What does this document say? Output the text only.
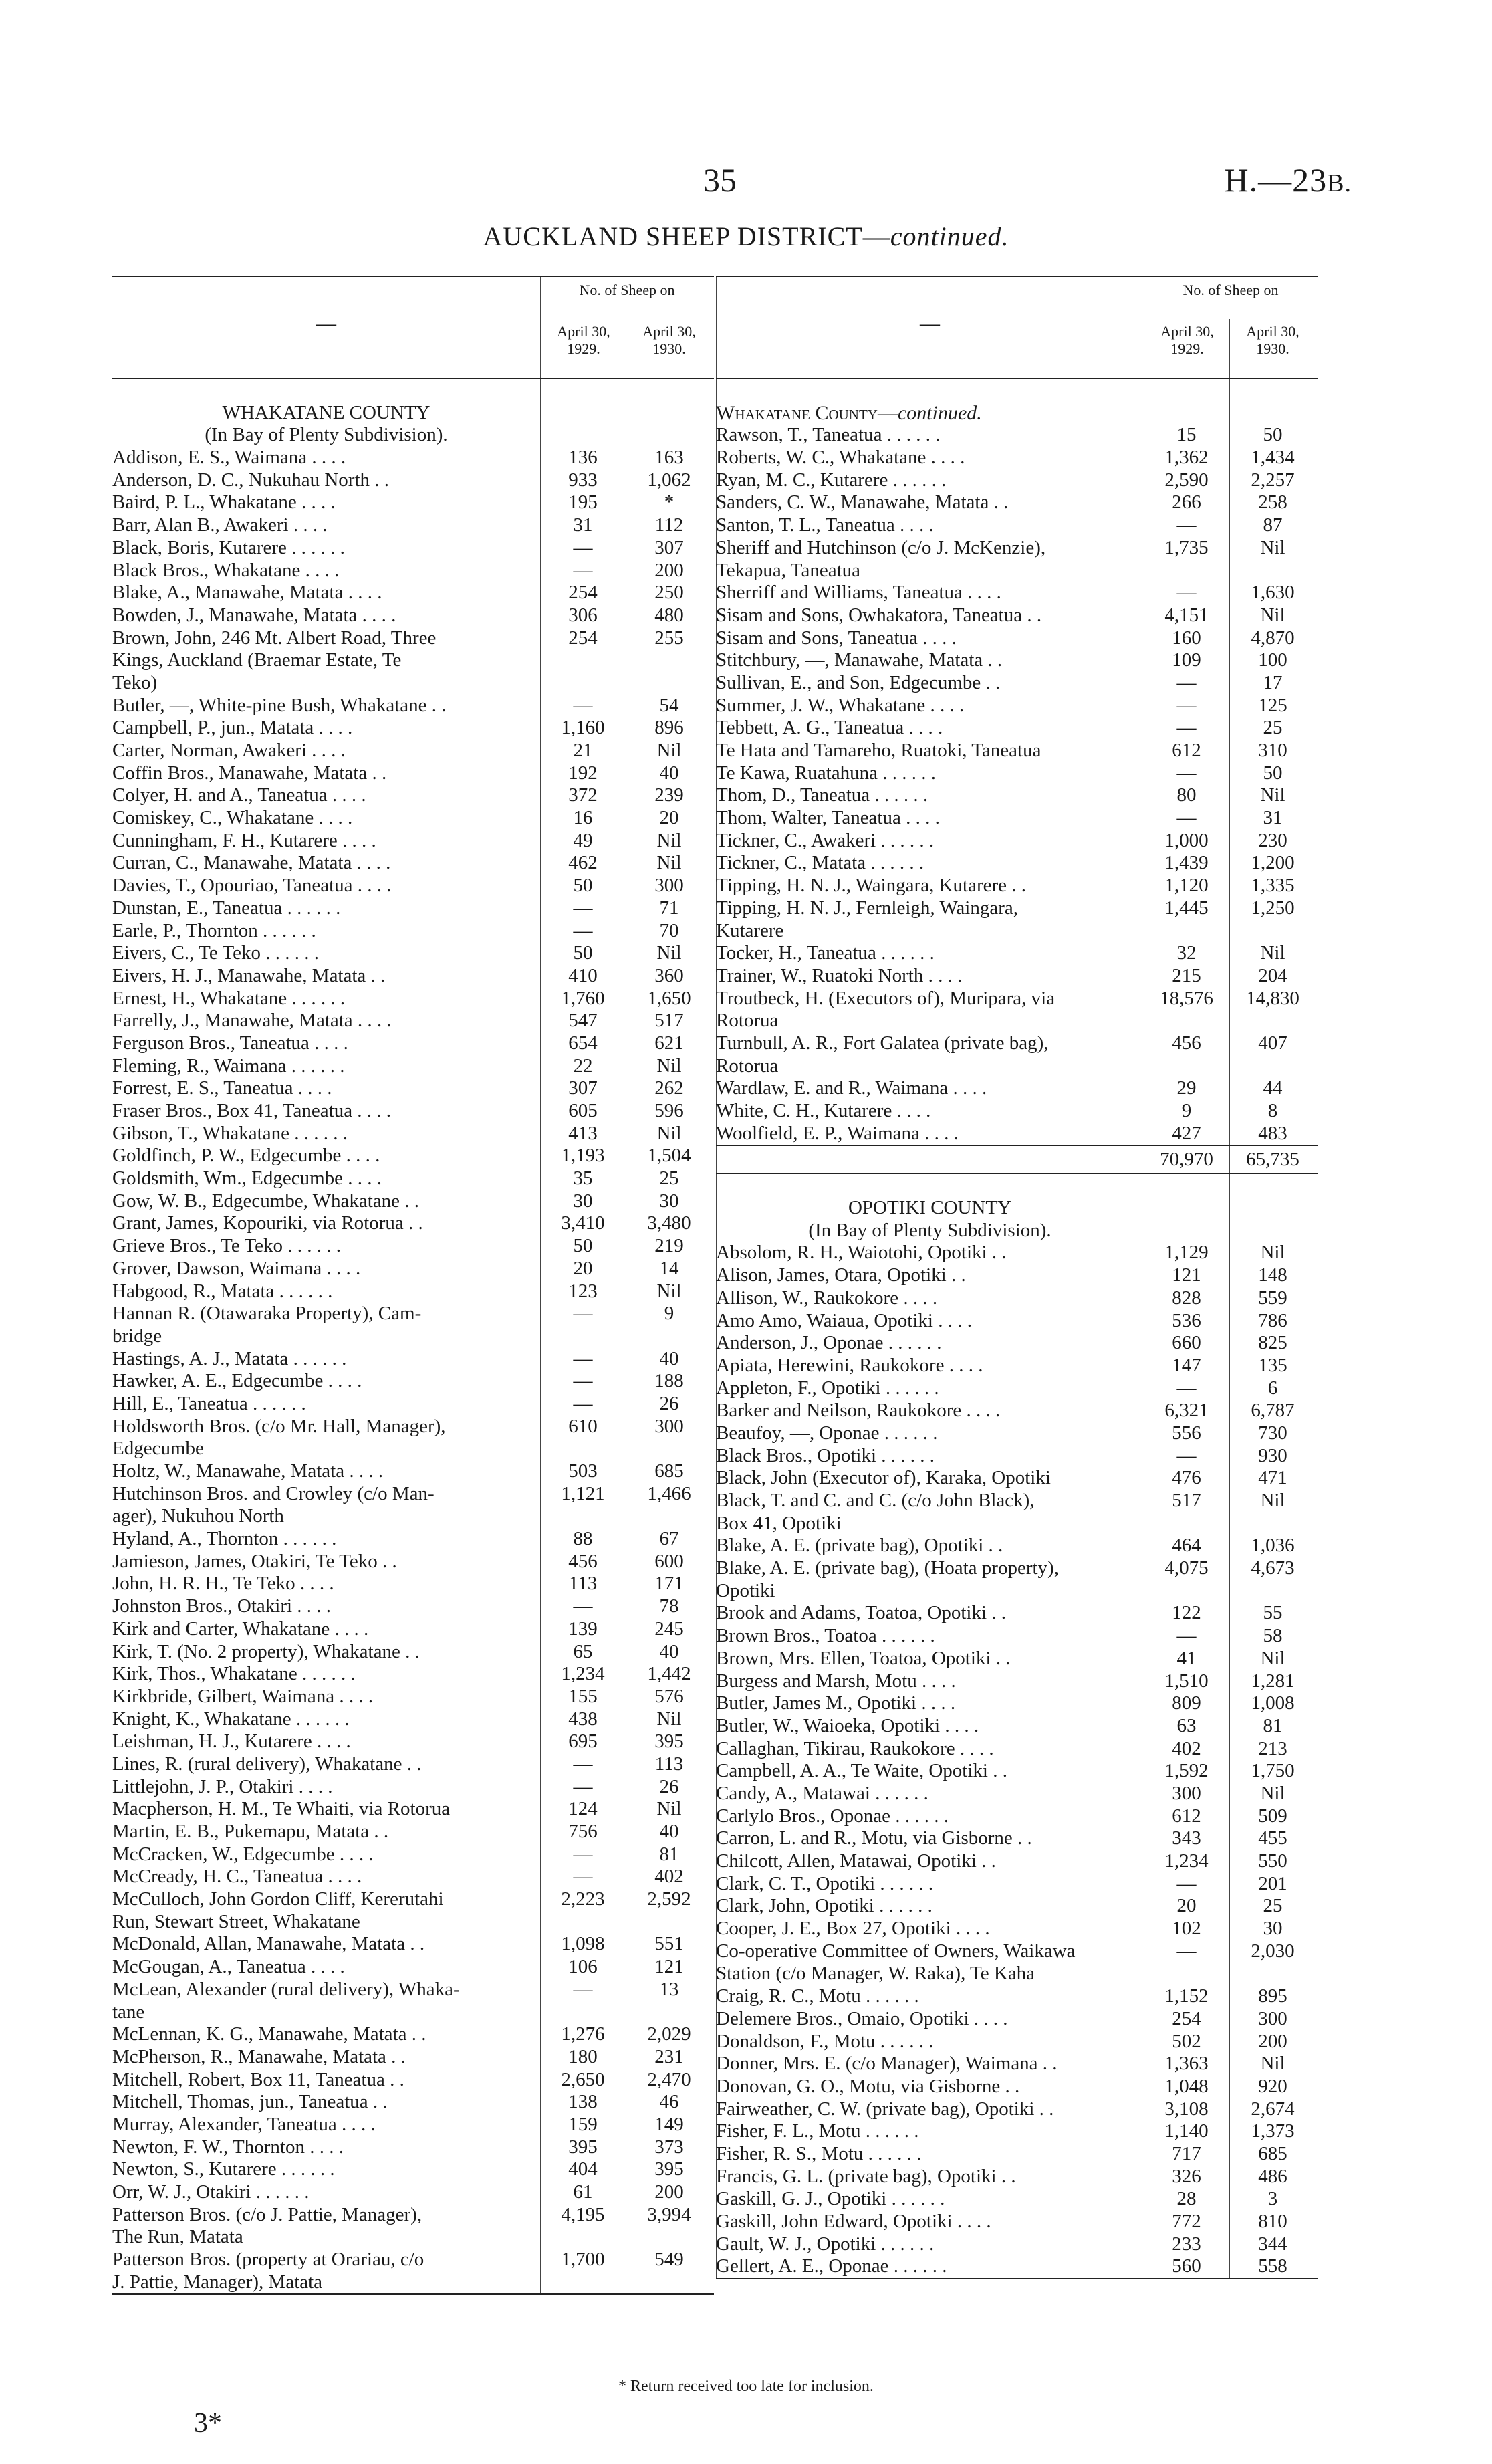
35	H.—23B.
AUCKLAND SHEEP DISTRICT—continued.
—
No. of Sheep on
April 30,
1929.
April 30,
1930.
WHAKATANE COUNTY
(In Bay of Plenty Subdivision).
Addison, E. S., Waimana . . . .	136	163
Anderson, D. C., Nukuhau North . .	933	1,062
Baird, P. L., Whakatane . . . .	195	*
Barr, Alan B., Awakeri . . . .	31	112
Black, Boris, Kutarere . . . . . .	—	307
Black Bros., Whakatane . . . .	—	200
Blake, A., Manawahe, Matata . . . .	254	250
Bowden, J., Manawahe, Matata . . . .	306	480
Brown, John, 246 Mt. Albert Road, Three	254	255
Kings, Auckland (Braemar Estate, Te
Teko)
Butler, —, White-pine Bush, Whakatane . .	—	54
Campbell, P., jun., Matata . . . .	1,160	896
Carter, Norman, Awakeri . . . .	21	Nil
Coffin Bros., Manawahe, Matata . .	192	40
Colyer, H. and A., Taneatua . . . .	372	239
Comiskey, C., Whakatane . . . .	16	20
Cunningham, F. H., Kutarere . . . .	49	Nil
Curran, C., Manawahe, Matata . . . .	462	Nil
Davies, T., Opouriao, Taneatua . . . .	50	300
Dunstan, E., Taneatua . . . . . .	—	71
Earle, P., Thornton . . . . . .	—	70
Eivers, C., Te Teko . . . . . .	50	Nil
Eivers, H. J., Manawahe, Matata . .	410	360
Ernest, H., Whakatane . . . . . .	1,760	1,650
Farrelly, J., Manawahe, Matata . . . .	547	517
Ferguson Bros., Taneatua . . . .	654	621
Fleming, R., Waimana . . . . . .	22	Nil
Forrest, E. S., Taneatua . . . .	307	262
Fraser Bros., Box 41, Taneatua . . . .	605	596
Gibson, T., Whakatane . . . . . .	413	Nil
Goldfinch, P. W., Edgecumbe . . . .	1,193	1,504
Goldsmith, Wm., Edgecumbe . . . .	35	25
Gow, W. B., Edgecumbe, Whakatane . .	30	30
Grant, James, Kopouriki, via Rotorua . .	3,410	3,480
Grieve Bros., Te Teko . . . . . .	50	219
Grover, Dawson, Waimana . . . .	20	14
Habgood, R., Matata . . . . . .	123	Nil
Hannan R. (Otawaraka Property), Cam-	—	9
bridge
Hastings, A. J., Matata . . . . . .	—	40
Hawker, A. E., Edgecumbe . . . .	—	188
Hill, E., Taneatua . . . . . .	—	26
Holdsworth Bros. (c/o Mr. Hall, Manager),	610	300
Edgecumbe
Holtz, W., Manawahe, Matata . . . .	503	685
Hutchinson Bros. and Crowley (c/o Man-	1,121	1,466
ager), Nukuhou North
Hyland, A., Thornton . . . . . .	88	67
Jamieson, James, Otakiri, Te Teko . .	456	600
John, H. R. H., Te Teko . . . .	113	171
Johnston Bros., Otakiri . . . .	—	78
Kirk and Carter, Whakatane . . . .	139	245
Kirk, T. (No. 2 property), Whakatane . .	65	40
Kirk, Thos., Whakatane . . . . . .	1,234	1,442
Kirkbride, Gilbert, Waimana . . . .	155	576
Knight, K., Whakatane . . . . . .	438	Nil
Leishman, H. J., Kutarere . . . .	695	395
Lines, R. (rural delivery), Whakatane . .	—	113
Littlejohn, J. P., Otakiri . . . .	—	26
Macpherson, H. M., Te Whaiti, via Rotorua	124	Nil
Martin, E. B., Pukemapu, Matata . .	756	40
McCracken, W., Edgecumbe . . . .	—	81
McCready, H. C., Taneatua . . . .	—	402
McCulloch, John Gordon Cliff, Kererutahi	2,223	2,592
Run, Stewart Street, Whakatane
McDonald, Allan, Manawahe, Matata . .	1,098	551
McGougan, A., Taneatua . . . .	106	121
McLean, Alexander (rural delivery), Whaka-	—	13
tane
McLennan, K. G., Manawahe, Matata . .	1,276	2,029
McPherson, R., Manawahe, Matata . .	180	231
Mitchell, Robert, Box 11, Taneatua . .	2,650	2,470
Mitchell, Thomas, jun., Taneatua . .	138	46
Murray, Alexander, Taneatua . . . .	159	149
Newton, F. W., Thornton . . . .	395	373
Newton, S., Kutarere . . . . . .	404	395
Orr, W. J., Otakiri . . . . . .	61	200
Patterson Bros. (c/o J. Pattie, Manager),	4,195	3,994
The Run, Matata
Patterson Bros. (property at Orariau, c/o	1,700	549
J. Pattie, Manager), Matata
—
No. of Sheep on
April 30,
1929.
April 30,
1930.
Whakatane County—continued.
Rawson, T., Taneatua . . . . . .	15	50
Roberts, W. C., Whakatane . . . .	1,362	1,434
Ryan, M. C., Kutarere . . . . . .	2,590	2,257
Sanders, C. W., Manawahe, Matata . .	266	258
Santon, T. L., Taneatua . . . .	—	87
Sheriff and Hutchinson (c/o J. McKenzie),	1,735	Nil
Tekapua, Taneatua
Sherriff and Williams, Taneatua . . . .	—	1,630
Sisam and Sons, Owhakatora, Taneatua . .	4,151	Nil
Sisam and Sons, Taneatua . . . .	160	4,870
Stitchbury, —, Manawahe, Matata . .	109	100
Sullivan, E., and Son, Edgecumbe . .	—	17
Summer, J. W., Whakatane . . . .	—	125
Tebbett, A. G., Taneatua . . . .	—	25
Te Hata and Tamareho, Ruatoki, Taneatua	612	310
Te Kawa, Ruatahuna . . . . . .	—	50
Thom, D., Taneatua . . . . . .	80	Nil
Thom, Walter, Taneatua . . . .	—	31
Tickner, C., Awakeri . . . . . .	1,000	230
Tickner, C., Matata . . . . . .	1,439	1,200
Tipping, H. N. J., Waingara, Kutarere . .	1,120	1,335
Tipping, H. N. J., Fernleigh, Waingara,	1,445	1,250
Kutarere
Tocker, H., Taneatua . . . . . .	32	Nil
Trainer, W., Ruatoki North . . . .	215	204
Troutbeck, H. (Executors of), Muripara, via	18,576	14,830
Rotorua
Turnbull, A. R., Fort Galatea (private bag),	456	407
Rotorua
Wardlaw, E. and R., Waimana . . . .	29	44
White, C. H., Kutarere . . . .	9	8
Woolfield, E. P., Waimana . . . .	427	483
70,970	65,735
OPOTIKI COUNTY
(In Bay of Plenty Subdivision).
Absolom, R. H., Waiotohi, Opotiki . .	1,129	Nil
Alison, James, Otara, Opotiki . .	121	148
Allison, W., Raukokore . . . .	828	559
Amo Amo, Waiaua, Opotiki . . . .	536	786
Anderson, J., Oponae . . . . . .	660	825
Apiata, Herewini, Raukokore . . . .	147	135
Appleton, F., Opotiki . . . . . .	—	6
Barker and Neilson, Raukokore . . . .	6,321	6,787
Beaufoy, —, Oponae . . . . . .	556	730
Black Bros., Opotiki . . . . . .	—	930
Black, John (Executor of), Karaka, Opotiki	476	471
Black, T. and C. and C. (c/o John Black),	517	Nil
Box 41, Opotiki
Blake, A. E. (private bag), Opotiki . .	464	1,036
Blake, A. E. (private bag), (Hoata property),	4,075	4,673
Opotiki
Brook and Adams, Toatoa, Opotiki . .	122	55
Brown Bros., Toatoa . . . . . .	—	58
Brown, Mrs. Ellen, Toatoa, Opotiki . .	41	Nil
Burgess and Marsh, Motu . . . .	1,510	1,281
Butler, James M., Opotiki . . . .	809	1,008
Butler, W., Waioeka, Opotiki . . . .	63	81
Callaghan, Tikirau, Raukokore . . . .	402	213
Campbell, A. A., Te Waite, Opotiki . .	1,592	1,750
Candy, A., Matawai . . . . . .	300	Nil
Carlylo Bros., Oponae . . . . . .	612	509
Carron, L. and R., Motu, via Gisborne . .	343	455
Chilcott, Allen, Matawai, Opotiki . .	1,234	550
Clark, C. T., Opotiki . . . . . .	—	201
Clark, John, Opotiki . . . . . .	20	25
Cooper, J. E., Box 27, Opotiki . . . .	102	30
Co-operative Committee of Owners, Waikawa	—	2,030
Station (c/o Manager, W. Raka), Te Kaha
Craig, R. C., Motu . . . . . .	1,152	895
Delemere Bros., Omaio, Opotiki . . . .	254	300
Donaldson, F., Motu . . . . . .	502	200
Donner, Mrs. E. (c/o Manager), Waimana . .	1,363	Nil
Donovan, G. O., Motu, via Gisborne . .	1,048	920
Fairweather, C. W. (private bag), Opotiki . .	3,108	2,674
Fisher, F. L., Motu . . . . . .	1,140	1,373
Fisher, R. S., Motu . . . . . .	717	685
Francis, G. L. (private bag), Opotiki . .	326	486
Gaskill, G. J., Opotiki . . . . . .	28	3
Gaskill, John Edward, Opotiki . . . .	772	810
Gault, W. J., Opotiki . . . . . .	233	344
Gellert, A. E., Oponae . . . . . .	560	558
* Return received too late for inclusion.
3*
